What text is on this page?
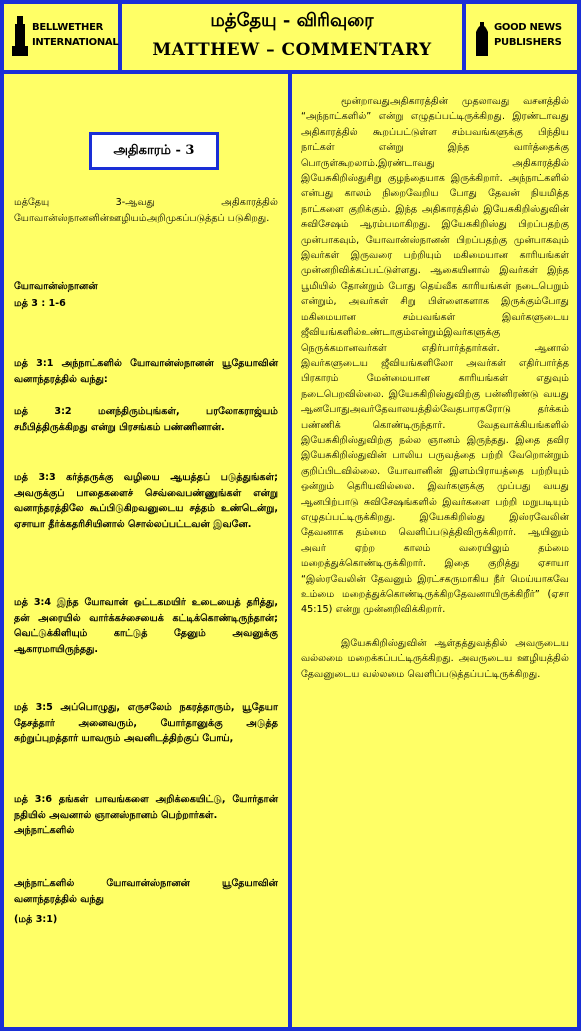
BELLWETHER INTERNATIONAL
மத்தேயு - விரிவுரை
MATTHEW – COMMENTARY
GOOD NEWS PUBLISHERS
அதிகாரம் - 3

மத்தேயு 3-ஆவது அதிகாரத்தில் யோவான்ஸ்நானனின்ஊழியம்அறிமுகப்படுத்தப் படுகிறது.

யோவான்ஸ்நானன்

மத் 3 : 1-6

மத் 3:1 அந்நாட்களில் யோவான்ஸ்நானன் யூதேயாவின் வனாந்தரத்தில் வந்து:

மத் 3:2 மனந்திரும்புங்கள், பரலோகராஜ்யம் சமீபித்திருக்கிறது என்று பிரசங்கம் பண்ணினான்.

மத் 3:3 கர்த்தருக்கு வழியை ஆயத்தப் படுத்துங்கள்; அவருக்குப் பாதைகளைச் செவ்வைபண்ணுங்கள் என்று வனாந்தரத்திலே கூப்பிடுகிறவனுடைய சத்தம் உண்டென்று, ஏசாயா தீர்க்கதரிசியினால் சொல்லப்பட்டவன் இவனே.

மத் 3:4 இந்த யோவான் ஒட்டகமயிர் உடையைத் தரித்து, தன் அரையில் வார்க்கச்சையைக் கட்டிக்கொண்டிருந்தான்; வெட்டுக்கிளியும் காட்டுத் தேனும் அவனுக்கு ஆகாரமாயிருந்தது.

மத் 3:5 அப்பொழுது, எருசலேம் நகரத்தாரும், யூதேயா தேசத்தார் அனைவரும், யோர்தானுக்கு அடுத்த சுற்றுப்புறத்தார் யாவரும் அவனிடத்திற்குப் போய்,

மத் 3:6 தங்கள் பாவங்களை அறிக்கையிட்டு, யோர்தான் நதியில் அவனால் ஞானஸ்நானம் பெற்றார்கள்.
அந்நாட்களில்

அந்நாட்களில் யோவான்ஸ்நானன் யூதேயாவின் வனாந்தரத்தில் வந்து

(மத் 3:1)

மூன்றாவதுஅதிகாரத்தின் முதலாவது வசனத்தில் “அந்நாட்களில்” என்று எழுதப்பட்டிருக்கிறது. இரண்டாவது அதிகாரத்தில் கூறப்பட்டுள்ள சம்பவங்களுக்கு பிந்திய நாட்கள் என்று இந்த வார்த்தைக்கு பொருள்கூறலாம்.இரண்டாவது அதிகாரத்தில் இயேசுகிறிஸ்துசிறு குழந்தையாக இருக்கிறார். அந்நாட்களில் என்பது காலம் நிறைவேறிய போது தேவன் நியமித்த நாட்களை குறிக்கும். இந்த அதிகாரத்தில் இயேசுகிறிஸ்துவின் சுவிசேஷம் ஆரம்பமாகிறது. இயேசுகிறிஸ்து பிறப்பதற்கு முன்பாகவும், யோவான்ஸ்நானன் பிறப்பதற்கு முன்பாகவும் இவர்கள் இருவரை பற்றியும் மகிமையான காரியங்கள் முன்னறிவிக்கப்பட்டுள்ளது. ஆகையினால் இவர்கள் இந்த பூமியில் தோன்றும் போது தெய்வீக காரியங்கள் நடைபெறும் என்றும், அவர்கள் சிறு பிள்ளைகளாக இருக்கும்போது மகிமையான சம்பவங்கள் இவர்களுடைய ஜீவியங்களில்உண்டாகும்என்றும்இவர்களுக்கு நெருக்கமானவர்கள் எதிர்பார்த்தார்கள். ஆனால் இவர்களுடைய ஜீவியங்களிலோ அவர்கள் எதிர்பார்த்த பிரகாரம் மேன்மையான காரியங்கள் எதுவும் நடைபெறவில்லை. இயேசுகிறிஸ்துவிற்கு பன்னிரண்டு வயது ஆனபோதுஅவர்தேவாலயத்தில்வேதபாரகரோடு தர்க்கம் பண்ணிக் கொண்டிருந்தார். வேதவாக்கியங்களில் இயேசுகிறிஸ்துவிற்கு நல்ல ஞானம் இருந்தது. இதை தவிர இயேசுகிறிஸ்துவின் பாலிய பருவத்தை பற்றி வேறொன்றும் குறிப்பிடவில்லை. யோவானின் இளம்பிராயத்தை பற்றியும் ஒன்றும் தெரியவில்லை. இவர்களுக்கு முப்பது வயது ஆனபிற்பாடு சுவிசேஷங்களில் இவர்களை பற்றி மறுபடியும் எழுதப்பட்டிருக்கிறது. இயேசுகிறிஸ்து இஸ்ரவேலின் தேவனாக தம்மை வெளிப்படுத்திவிருக்கிறார். ஆயினும் அவர் ஏற்ற காலம் வரையிலும் தம்மை மறைத்துக்கொண்டிருக்கிறார். இதை குறித்து ஏசாயா “இஸ்ரவேலின் தேவனும் இரட்சகருமாகிய நீர் மெய்யாகவே உம்மை மறைத்துக்கொண்டிருக்கிறதேவனாயிருக்கிறீர்” (ஏசா 45:15) என்று முன்னறிவிக்கிறார்.

இயேசுகிறிஸ்துவின் ஆள்தத்துவத்தில் அவருடைய வல்லமை மறைக்கப்பட்டிருக்கிறது. அவருடைய ஊழியத்தில் தேவனுடைய வல்லமை வெளிப்படுத்தப்பட்டிருக்கிறது.
